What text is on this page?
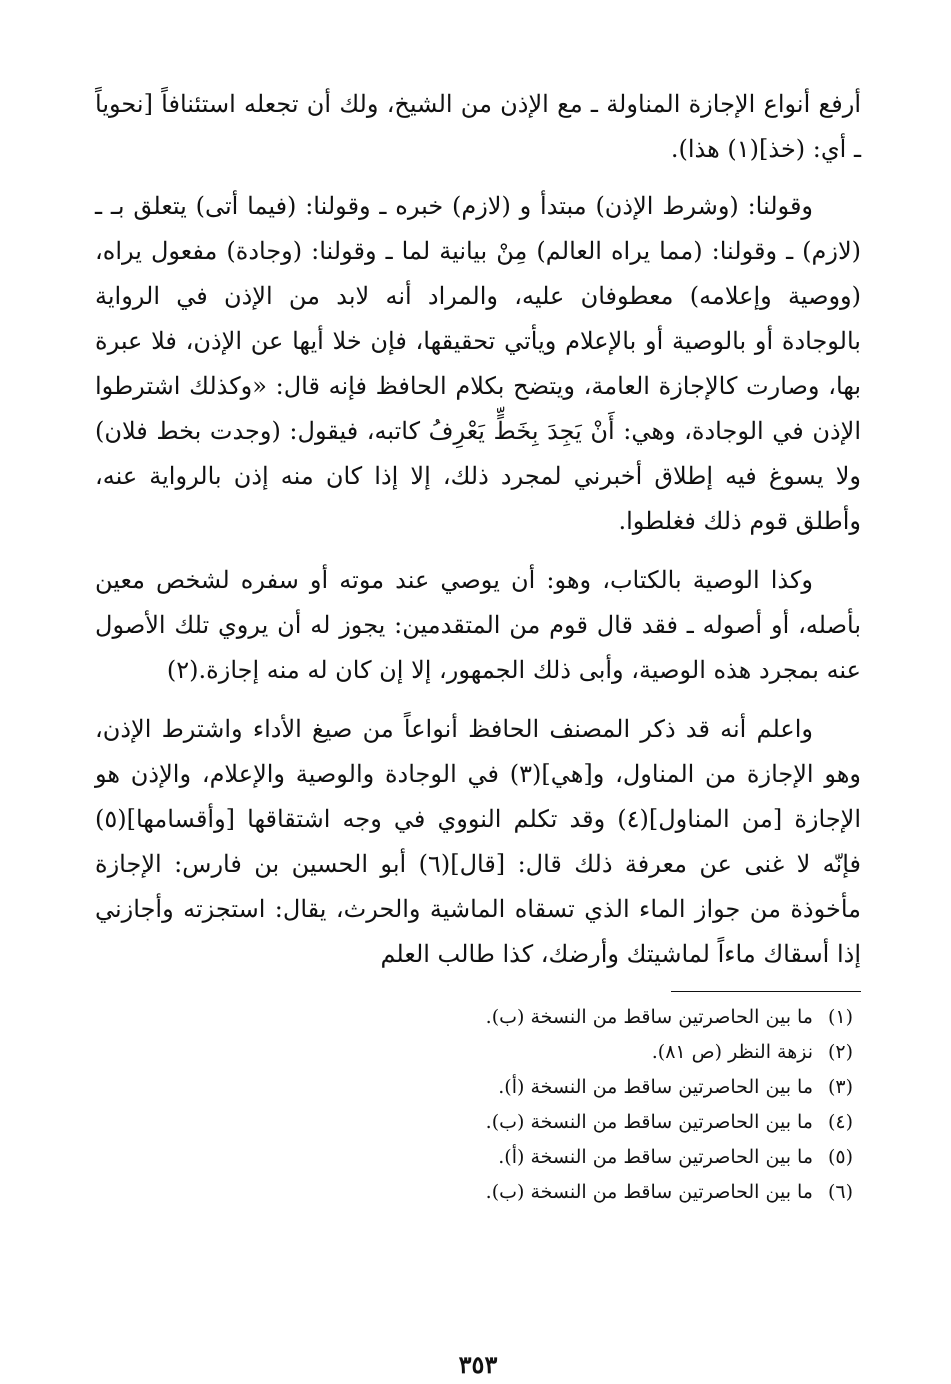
أرفع أنواع الإجازة المناولة ـ مع الإذن من الشيخ، ولك أن تجعله استئنافاً [نحوياً ـ أي: (خذ](١) هذا).

وقولنا: (وشرط الإذن) مبتدأ و (لازم) خبره ـ وقولنا: (فيما أتى) يتعلق بـ ـ (لازم) ـ وقولنا: (مما يراه العالم) مِنْ بيانية لما ـ وقولنا: (وجادة) مفعول يراه، (ووصية وإعلامه) معطوفان عليه، والمراد أنه لابد من الإذن في الرواية بالوجادة أو بالوصية أو بالإعلام ويأتي تحقيقها، فإن خلا أيها عن الإذن، فلا عبرة بها، وصارت كالإجازة العامة، ويتضح بكلام الحافظ فإنه قال: «وكذلك اشترطوا الإذن في الوجادة، وهي: أَنْ يَجِدَ بِخَطٍّ يَعْرِفُ كاتبه، فيقول: (وجدت بخط فلان) ولا يسوغ فيه إطلاق أخبرني لمجرد ذلك، إلا إذا كان منه إذن بالرواية عنه، وأطلق قوم ذلك فغلطوا.

وكذا الوصية بالكتاب، وهو: أن يوصي عند موته أو سفره لشخص معين بأصله، أو أصوله ـ فقد قال قوم من المتقدمين: يجوز له أن يروي تلك الأصول عنه بمجرد هذه الوصية، وأبى ذلك الجمهور، إلا إن كان له منه إجازة.(٢)

واعلم أنه قد ذكر المصنف الحافظ أنواعاً من صيغ الأداء واشترط الإذن، وهو الإجازة من المناول، و[هي](٣) في الوجادة والوصية والإعلام، والإذن هو الإجازة [من المناول](٤) وقد تكلم النووي في وجه اشتقاقها [وأقسامها](٥) فإنّه لا غنى عن معرفة ذلك قال: [قال](٦) أبو الحسين بن فارس: الإجازة مأخوذة من جواز الماء الذي تسقاه الماشية والحرث، يقال: استجزته وأجازني إذا أسقاك ماءاً لماشيتك وأرضك، كذا طالب العلم

(١)
ما بين الحاصرتين ساقط من النسخة (ب).
(٢)
نزهة النظر (ص ٨١).
(٣)
ما بين الحاصرتين ساقط من النسخة (أ).
(٤)
ما بين الحاصرتين ساقط من النسخة (ب).
(٥)
ما بين الحاصرتين ساقط من النسخة (أ).
(٦)
ما بين الحاصرتين ساقط من النسخة (ب).
٣٥٣
